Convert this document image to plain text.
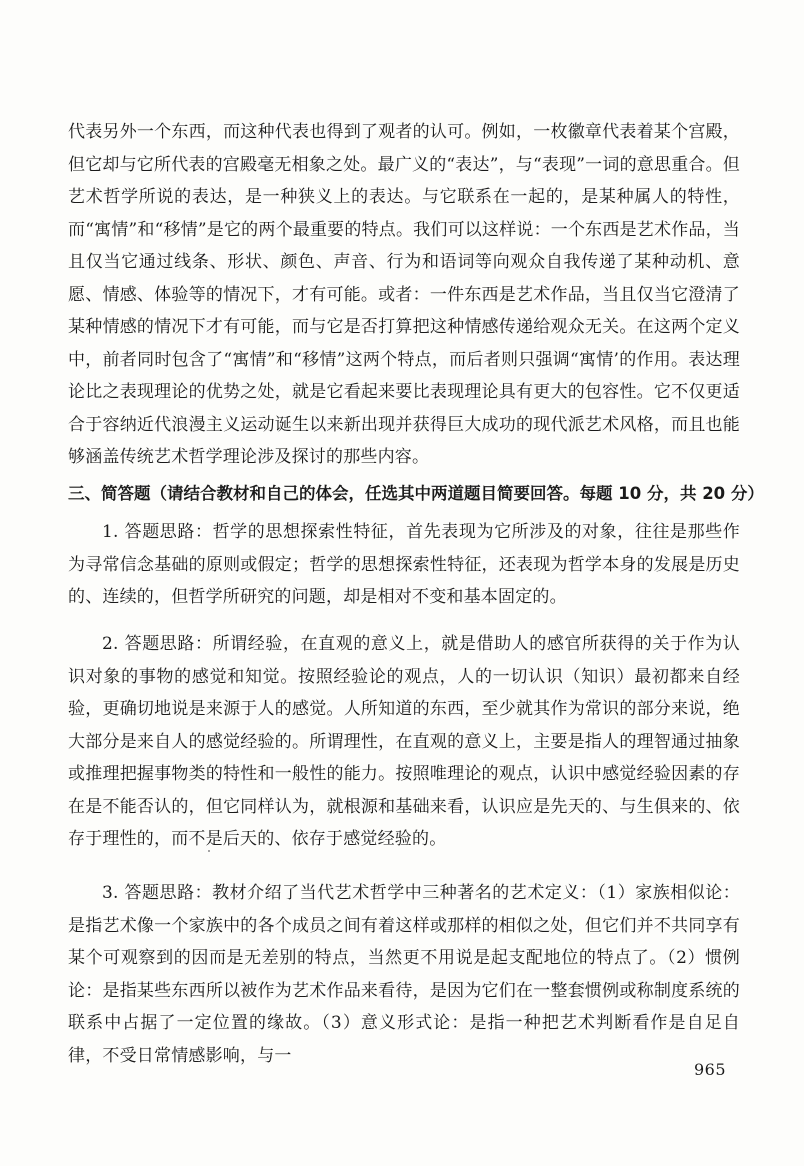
代表另外一个东西，而这种代表也得到了观者的认可。例如，一枚徽章代表着某个宫殿，但它却与它所代表的宫殿毫无相象之处。最广义的“表达”，与“表现”一词的意思重合。但艺术哲学所说的表达，是一种狭义上的表达。与它联系在一起的，是某种属人的特性，而“寓情”和“移情”是它的两个最重要的特点。我们可以这样说：一个东西是艺术作品，当且仅当它通过线条、形状、颜色、声音、行为和语词等向观众自我传递了某种动机、意愿、情感、体验等的情况下，才有可能。或者：一件东西是艺术作品，当且仅当它澄清了某种情感的情况下才有可能，而与它是否打算把这种情感传递给观众无关。在这两个定义中，前者同时包含了“寓情”和“移情”这两个特点，而后者则只强调“寓情’的作用。表达理论比之表现理论的优势之处，就是它看起来要比表现理论具有更大的包容性。它不仅更适合于容纳近代浪漫主义运动诞生以来新出现并获得巨大成功的现代派艺术风格，而且也能够涵盖传统艺术哲学理论涉及探讨的那些内容。

三、简答题（请结合教材和自己的体会，任选其中两道题目简要回答。每题 10 分，共 20 分）

1. 答题思路：哲学的思想探索性特征，首先表现为它所涉及的对象，往往是那些作为寻常信念基础的原则或假定；哲学的思想探索性特征，还表现为哲学本身的发展是历史的、连续的，但哲学所研究的问题，却是相对不变和基本固定的。

2. 答题思路：所谓经验，在直观的意义上，就是借助人的感官所获得的关于作为认识对象的事物的感觉和知觉。按照经验论的观点，人的一切认识（知识）最初都来自经验，更确切地说是来源于人的感觉。人所知道的东西，至少就其作为常识的部分来说，绝大部分是来自人的感觉经验的。所谓理性，在直观的意义上，主要是指人的理智通过抽象或推理把握事物类的特性和一般性的能力。按照唯理论的观点，认识中感觉经验因素的存在是不能否认的，但它同样认为，就根源和基础来看，认识应是先天的、与生俱来的、依存于理性的，而不是后天的、依存于感觉经验的。

3. 答题思路：教材介绍了当代艺术哲学中三种著名的艺术定义：（1）家族相似论：是指艺术像一个家族中的各个成员之间有着这样或那样的相似之处，但它们并不共同享有某个可观察到的因而是无差别的特点，当然更不用说是起支配地位的特点了。（2）惯例论：是指某些东西所以被作为艺术作品来看待，是因为它们在一整套惯例或称制度系统的联系中占据了一定位置的缘故。（3）意义形式论：是指一种把艺术判断看作是自足自律，不受日常情感影响，与一

965
